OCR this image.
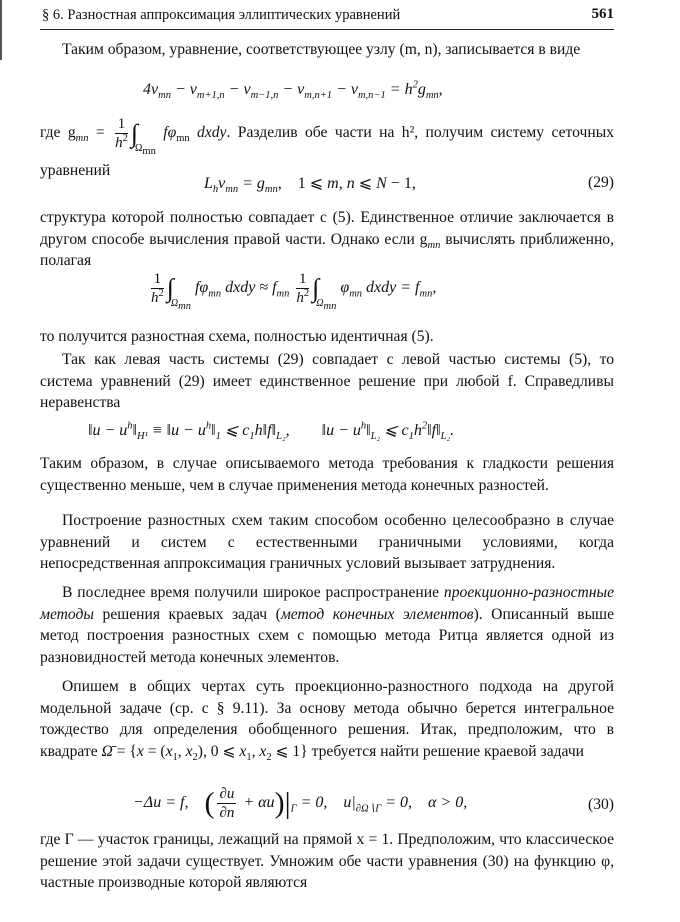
§ 6. Разностная аппроксимация эллиптических уравнений	561

Таким образом, уравнение, соответствующее узлу (m, n), записывается в виде

$4v_{mn} - v_{m+1,n} - v_{m-1,n} - v_{m,n+1} - v_{m,n-1} = h^2g_{mn}$,
где $g_{mn} = \frac{1}{h^2} \int_{\Omega_{mn}}$ $f\varphi_{mn}$ dxdy. Разделив обе части на h², получим систему сеточных уравнений
$L_hv_{mn} = g_{mn}$,    1 ⩽ m, n ⩽ N − 1,	(29)
структура которой полностью совпадает с (5). Единственное отличие заключается в другом способе вычисления правой части. Однако если $g_{mn}$ вычислять приближенно, полагая
$\frac{1}{h^2} \int_{\Omega_{mn}}$ $f\varphi_{mn}$ dxdy ≈ $f_{mn} \frac{1}{h^2} \int_{\Omega_{mn}}$ $\varphi_{mn}$ dxdy = $f_{mn}$,

то получится разностная схема, полностью идентичная (5).

Так как левая часть системы (29) совпадает с левой частью системы (5), то система уравнений (29) имеет единственное решение при любой f. Справедливы неравенства

‖u − $u^h‖_{H^1}$ ≡ ‖u − $u^h‖_1$ ⩽ $c_1h‖f‖_{L_2}$,        ‖u − $u^h‖_{L_2}$ ⩽ $c_1h^2‖f‖_{L_2}$.

Таким образом, в случае описываемого метода требования к гладкости решения существенно меньше, чем в случае применения метода конечных разностей.

Построение разностных схем таким способом особенно целесообразно в случае уравнений и систем с естественными граничными условиями, когда непосредственная аппроксимация граничных условий вызывает затруднения.

В последнее время получили широкое распространение проекционно-разностные методы решения краевых задач (метод конечных элементов). Описанный выше метод построения разностных схем с помощью метода Ритца является одной из разновидностей метода конечных элементов.
Опишем в общих чертах суть проекционно-разностного подхода на другой модельной задаче (ср. с § 9.11). За основу метода обычно берется интегральное тождество для определения обобщенного решения. Итак, предположим, что в квадрате Ω̄ = {$x = (x_1$, $x_2$), 0 ⩽ $x_1$, $x_2$ ⩽ 1} требуется найти решение краевой задачи
−Δu = f,    ( $\frac{\partial u}{\partial n} + \alpha u)|_\Gamma = 0$,    $u|_{\partial\Omega∖\Gamma} = 0$,    α > 0,	(30)

где Γ — участок границы, лежащий на прямой x = 1. Предположим, что классическое решение этой задачи существует. Умножим обе части уравнения (30) на функцию φ, частные производные которой являются
